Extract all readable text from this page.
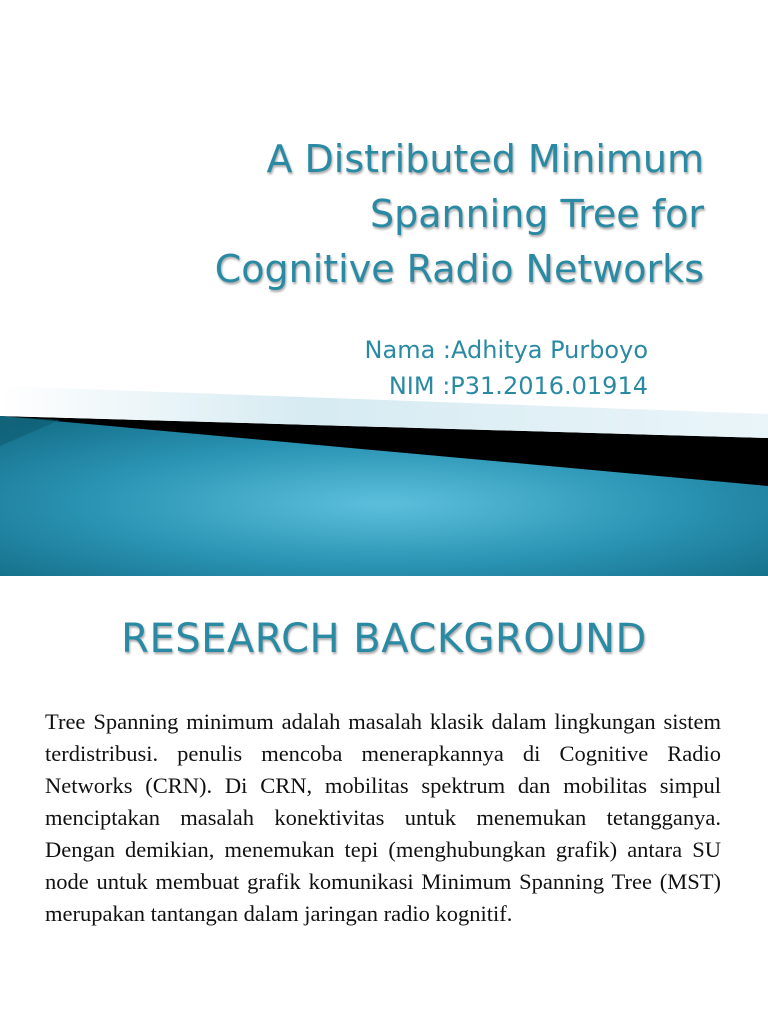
A Distributed Minimum
Spanning Tree for
Cognitive Radio Networks
Nama :Adhitya Purboyo
NIM :P31.2016.01914
RESEARCH BACKGROUND

Tree Spanning minimum adalah masalah klasik dalam lingkungan sistem terdistribusi. penulis mencoba menerapkannya di Cognitive Radio Networks (CRN). Di CRN, mobilitas spektrum dan mobilitas simpul menciptakan masalah konektivitas untuk menemukan tetangganya. Dengan demikian, menemukan tepi (menghubungkan grafik) antara SU node untuk membuat grafik komunikasi Minimum Spanning Tree (MST) merupakan tantangan dalam jaringan radio kognitif.
